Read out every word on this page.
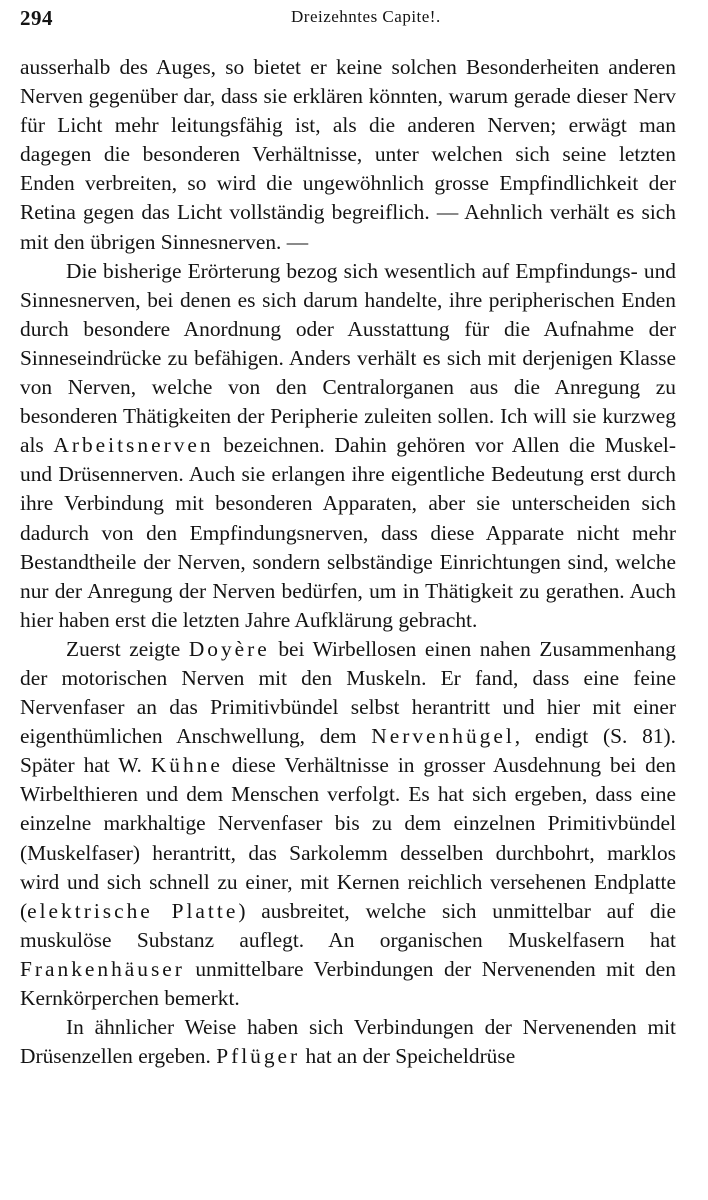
294	Dreizehntes Capite!.

ausserhalb des Auges, so bietet er keine solchen Besonderheiten anderen Nerven gegenüber dar, dass sie erklären könnten, warum gerade dieser Nerv für Licht mehr leitungsfähig ist, als die anderen Nerven; erwägt man dagegen die besonderen Verhältnisse, unter welchen sich seine letzten Enden verbreiten, so wird die ungewöhnlich grosse Empfindlichkeit der Retina gegen das Licht vollständig begreiflich. — Aehnlich verhält es sich mit den übrigen Sinnesnerven. —

Die bisherige Erörterung bezog sich wesentlich auf Empfindungs- und Sinnesnerven, bei denen es sich darum handelte, ihre peripherischen Enden durch besondere Anordnung oder Ausstattung für die Aufnahme der Sinneseindrücke zu befähigen. Anders verhält es sich mit derjenigen Klasse von Nerven, welche von den Centralorganen aus die Anregung zu besonderen Thätigkeiten der Peripherie zuleiten sollen. Ich will sie kurzweg als Arbeitsnerven bezeichnen. Dahin gehören vor Allen die Muskel- und Drüsennerven. Auch sie erlangen ihre eigentliche Bedeutung erst durch ihre Verbindung mit besonderen Apparaten, aber sie unterscheiden sich dadurch von den Empfindungsnerven, dass diese Apparate nicht mehr Bestandtheile der Nerven, sondern selbständige Einrichtungen sind, welche nur der Anregung der Nerven bedürfen, um in Thätigkeit zu gerathen. Auch hier haben erst die letzten Jahre Aufklärung gebracht.

Zuerst zeigte Doyère bei Wirbellosen einen nahen Zusammenhang der motorischen Nerven mit den Muskeln. Er fand, dass eine feine Nervenfaser an das Primitivbündel selbst herantritt und hier mit einer eigenthümlichen Anschwellung, dem Nervenhügel, endigt (S. 81). Später hat W. Kühne diese Verhältnisse in grosser Ausdehnung bei den Wirbelthieren und dem Menschen verfolgt. Es hat sich ergeben, dass eine einzelne markhaltige Nervenfaser bis zu dem einzelnen Primitivbündel (Muskelfaser) herantritt, das Sarkolemm desselben durchbohrt, marklos wird und sich schnell zu einer, mit Kernen reichlich versehenen Endplatte (elektrische Platte) ausbreitet, welche sich unmittelbar auf die muskulöse Substanz auflegt. An organischen Muskelfasern hat Frankenhäuser unmittelbare Verbindungen der Nervenenden mit den Kernkörperchen bemerkt.

In ähnlicher Weise haben sich Verbindungen der Nervenenden mit Drüsenzellen ergeben. Pflüger hat an der Speicheldrüse
